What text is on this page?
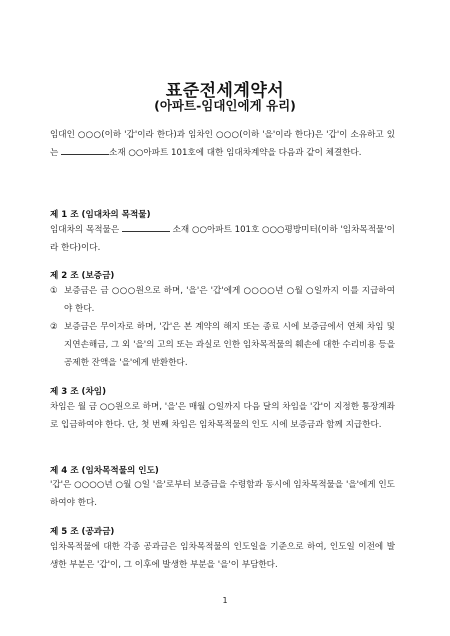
표준전세계약서
(아파트-임대인에게 유리)
임대인 ○○○(이하 '갑'이라 한다)과 임차인 ○○○(이하 '을'이라 한다)은 '갑'이 소유하고 있는	소재 ○○아파트 101호에 대한 임대차계약을 다음과 같이 체결한다.
제 1 조 (임대차의 목적물)
임대차의 목적물은	소재 ○○아파트 101호 ○○○평방미터(이하 '임차목적물'이라 한다)이다.
제 2 조 (보증금)
① 보증금은 금 ○○○원으로 하며, '을'은 '갑'에게 ○○○○년 ○월 ○일까지 이를 지급하여야 한다.
② 보증금은 무이자로 하며, '갑'은 본 계약의 해지 또는 종료 시에 보증금에서 연체 차임 및 지연손해금, 그 외 '을'의 고의 또는 과실로 인한 임차목적물의 훼손에 대한 수리비용 등을 공제한 잔액을 '을'에게 반환한다.
제 3 조 (차임)
차임은 월 금 ○○원으로 하며, '을'은 매월 ○일까지 다음 달의 차임을 '갑'이 지정한 통장계좌로 입금하여야 한다. 단, 첫 번째 차임은 임차목적물의 인도 시에 보증금과 함께 지급한다.
제 4 조 (임차목적물의 인도)
'갑'은 ○○○○년 ○월 ○일 '을'로부터 보증금을 수령함과 동시에 임차목적물을 '을'에게 인도하여야 한다.
제 5 조 (공과금)
임차목적물에 대한 각종 공과금은 임차목적물의 인도일을 기준으로 하여, 인도일 이전에 발생한 부분은 '갑'이, 그 이후에 발생한 부분을 '을'이 부담한다.
1
